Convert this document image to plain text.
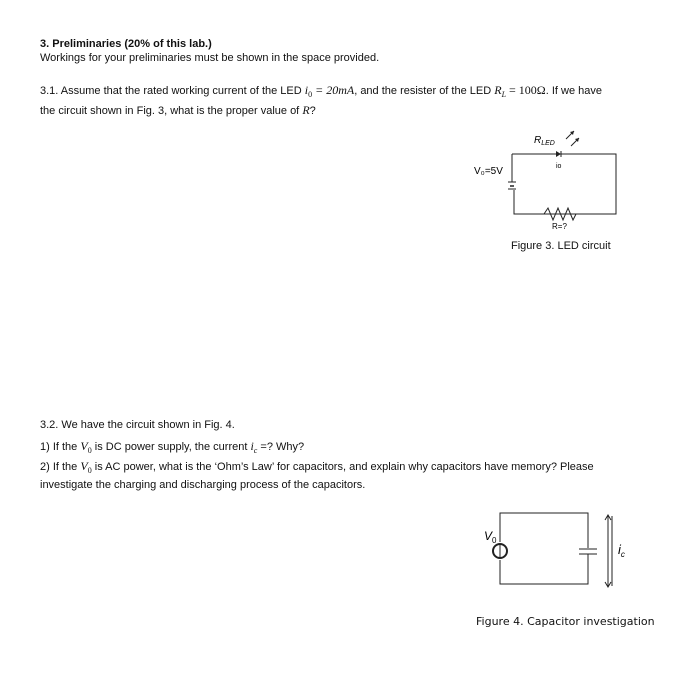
3. Preliminaries (20% of this lab.)
Workings for your preliminaries must be shown in the space provided.
3.1. Assume that the rated working current of the LED $i_0 = 20mA$, and the resister of the LED $R_L = 100\Omega$. If we have
the circuit shown in Fig. 3, what is the proper value of R?
$R_{LED}$
io
V₀=5V
R=?
Figure 3. LED circuit
3.2. We have the circuit shown in Fig. 4.
1) If the $V_0$ is DC power supply, the current $i_c$ =? Why?
2) If the $V_0$ is AC power, what is the ‘Ohm’s Law’ for capacitors, and explain why capacitors have memory? Please
investigate the charging and discharging process of the capacitors.
$V_0$
$i_c$
Figure 4. Capacitor investigation
